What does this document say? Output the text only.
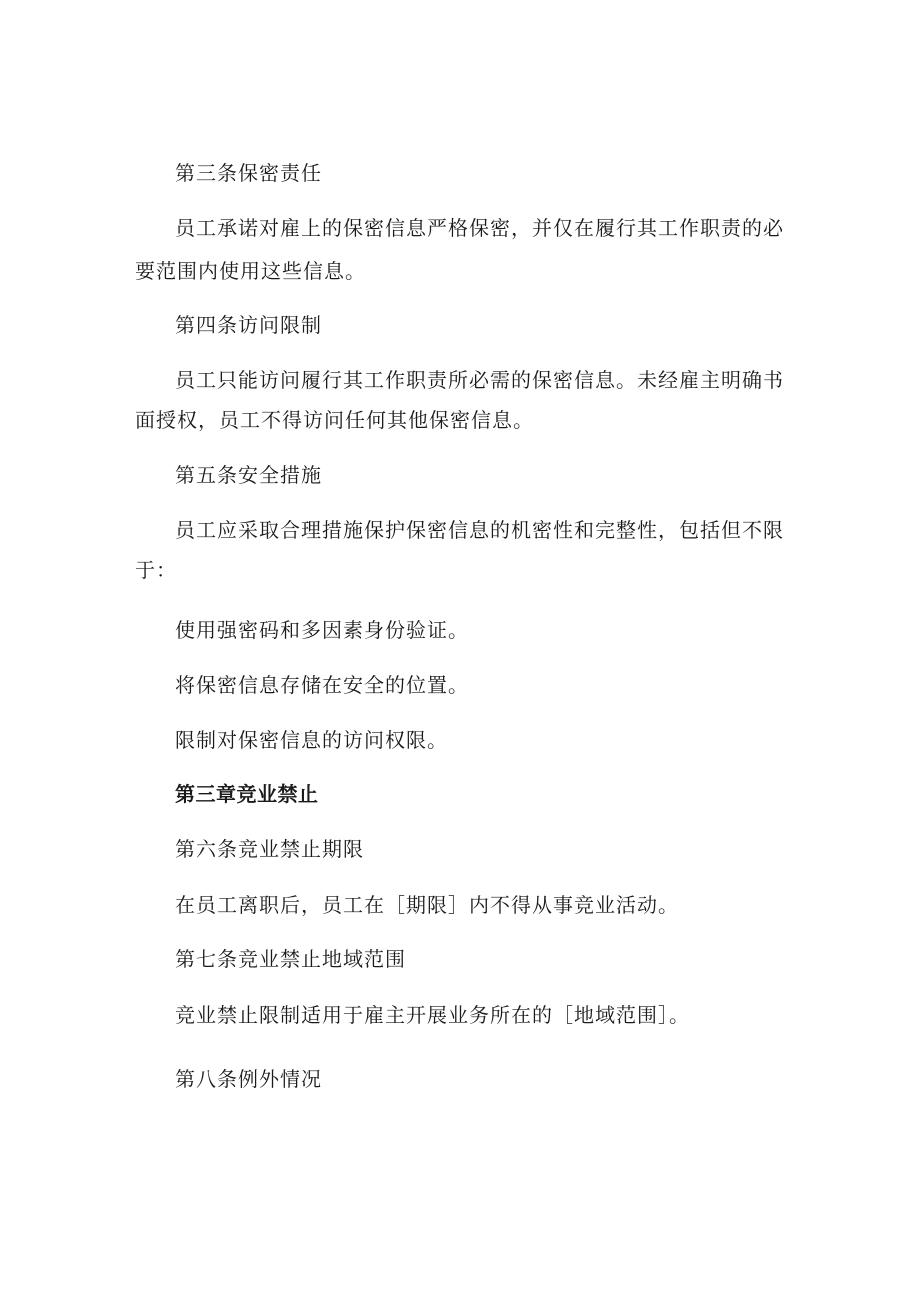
第三条保密责任

员工承诺对雇上的保密信息严格保密，并仅在履行其工作职责的必

要范围内使用这些信息。

第四条访问限制

员工只能访问履行其工作职责所必需的保密信息。未经雇主明确书

面授权，员工不得访问任何其他保密信息。

第五条安全措施

员工应采取合理措施保护保密信息的机密性和完整性，包括但不限

于：

使用强密码和多因素身份验证。

将保密信息存储在安全的位置。

限制对保密信息的访问权限。

第三章竞业禁止

第六条竞业禁止期限

在员工离职后，员工在［期限］内不得从事竞业活动。

第七条竞业禁止地域范围

竞业禁止限制适用于雇主开展业务所在的［地域范围］。

第八条例外情况
